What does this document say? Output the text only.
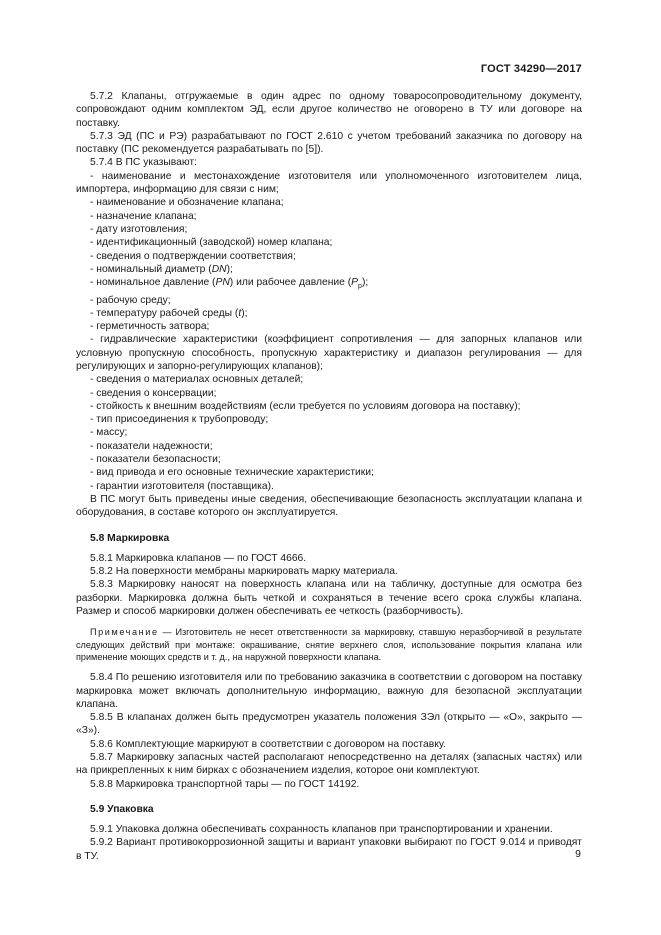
ГОСТ 34290—2017

5.7.2 Клапаны, отгружаемые в один адрес по одному товаросопроводительному документу, сопровождают одним комплектом ЭД, если другое количество не оговорено в ТУ или договоре на поставку.

5.7.3 ЭД (ПС и РЭ) разрабатывают по ГОСТ 2.610 с учетом требований заказчика по договору на поставку (ПС рекомендуется разрабатывать по [5]).

5.7.4 В ПС указывают:

- наименование и местонахождение изготовителя или уполномоченного изготовителем лица, импортера, информацию для связи с ним;

- наименование и обозначение клапана;

- назначение клапана;

- дату изготовления;

- идентификационный (заводской) номер клапана;

- сведения о подтверждении соответствия;

- номинальный диаметр (DN);

- номинальное давление (PN) или рабочее давление $(P_р)$;

- рабочую среду;

- температуру рабочей среды (t);

- герметичность затвора;

- гидравлические характеристики (коэффициент сопротивления — для запорных клапанов или условную пропускную способность, пропускную характеристику и диапазон регулирования — для регулирующих и запорно-регулирующих клапанов);

- сведения о материалах основных деталей;

- сведения о консервации;

- стойкость к внешним воздействиям (если требуется по условиям договора на поставку);

- тип присоединения к трубопроводу;

- массу;

- показатели надежности;

- показатели безопасности;

- вид привода и его основные технические характеристики;

- гарантии изготовителя (поставщика).

В ПС могут быть приведены иные сведения, обеспечивающие безопасность эксплуатации клапана и оборудования, в составе которого он эксплуатируется.

5.8 Маркировка

5.8.1 Маркировка клапанов — по ГОСТ 4666.

5.8.2 На поверхности мембраны маркировать марку материала.

5.8.3 Маркировку наносят на поверхность клапана или на табличку, доступные для осмотра без разборки. Маркировка должна быть четкой и сохраняться в течение всего срока службы клапана. Размер и способ маркировки должен обеспечивать ее четкость (разборчивость).

Примечание — Изготовитель не несет ответственности за маркировку, ставшую неразборчивой в результате следующих действий при монтаже: окрашивание, снятие верхнего слоя, использование покрытия клапана или применение моющих средств и т. д., на наружной поверхности клапана.

5.8.4 По решению изготовителя или по требованию заказчика в соответствии с договором на поставку маркировка может включать дополнительную информацию, важную для безопасной эксплуатации клапана.

5.8.5 В клапанах должен быть предусмотрен указатель положения ЗЭл (открыто — «О», закрыто — «З»).

5.8.6 Комплектующие маркируют в соответствии с договором на поставку.

5.8.7 Маркировку запасных частей располагают непосредственно на деталях (запасных частях) или на прикрепленных к ним бирках с обозначением изделия, которое они комплектуют.

5.8.8 Маркировка транспортной тары — по ГОСТ 14192.

5.9 Упаковка

5.9.1 Упаковка должна обеспечивать сохранность клапанов при транспортировании и хранении.

5.9.2 Вариант противокоррозионной защиты и вариант упаковки выбирают по ГОСТ 9.014 и приводят в ТУ.	9
